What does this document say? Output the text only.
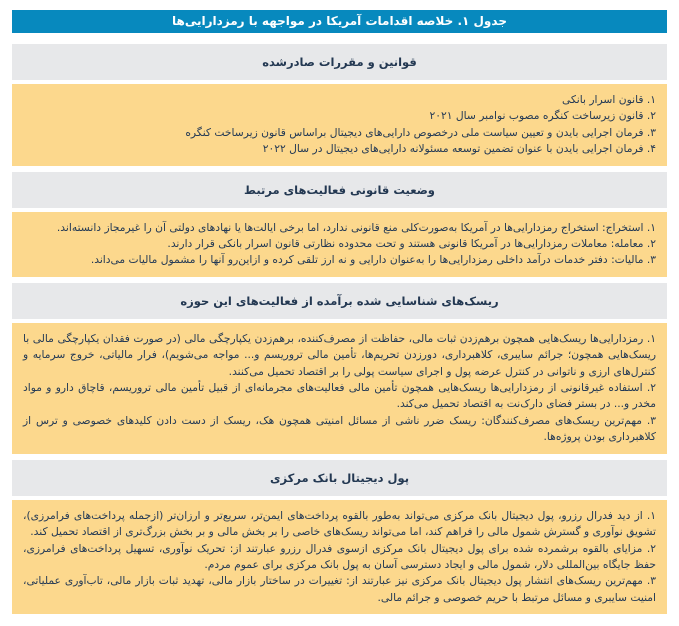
جدول ۱. خلاصه اقدامات آمریکا در مواجهه با رمزدارایی‌ها
قوانین و مقررات صادرشده

۱. قانون اسرار بانکی

۲. قانون زیرساخت کنگره مصوب نوامبر سال ۲۰۲۱

۳. فرمان اجرایی بایدن و تعیین سیاست ملی درخصوص دارایی‌های دیجیتال براساس قانون زیرساخت کنگره

۴. فرمان اجرایی بایدن با عنوان تضمین توسعه مسئولانه دارایی‌های دیجیتال در سال ۲۰۲۲

وضعیت قانونی فعالیت‌های مرتبط

۱. استخراج: استخراج رمزدارایی‌ها در آمریکا به‌صورت‌کلی منع قانونی ندارد، اما برخی ایالت‌ها یا نهادهای دولتی آن را غیرمجاز دانسته‌اند.

۲. معامله: معاملات رمزدارایی‌ها در آمریکا قانونی هستند و تحت محدوده نظارتی قانون اسرار بانکی قرار دارند.

۳. مالیات: دفتر خدمات درآمد داخلی رمزدارایی‌ها را به‌عنوان دارایی و نه ارز تلقی کرده و ازاین‌رو آنها را مشمول مالیات می‌داند.

ریسک‌های شناسایی شده برآمده از فعالیت‌های این حوزه

۱. رمزدارایی‌ها ریسک‌هایی همچون برهم‌زدن ثبات مالی، حفاظت از مصرف‌کننده، برهم‌زدن یکپارچگی مالی (در صورت فقدان یکپارچگی مالی با ریسک‌هایی همچون؛ جرائم سایبری، کلاهبرداری، دورزدن تحریم‌ها، تأمین مالی تروریسم و... مواجه می‌شویم)، فرار مالیاتی، خروج سرمایه و کنترل‌های ارزی و ناتوانی در کنترل عرضه پول و اجرای سیاست پولی را بر اقتصاد تحمیل می‌کنند.

۲. استفاده غیرقانونی از رمزدارایی‌ها ریسک‌هایی همچون تأمین مالی فعالیت‌های مجرمانه‌ای از قبیل تأمین مالی تروریسم، قاچاق دارو و مواد مخدر و... در بستر فضای دارک‌نت به اقتصاد تحمیل می‌کند.

۳. مهم‌ترین ریسک‌های مصرف‌کنندگان: ریسک ضرر ناشی از مسائل امنیتی همچون هک، ریسک از دست دادن کلیدهای خصوصی و ترس از کلاهبرداری بودن پروژه‌ها.

پول دیجیتال بانک مرکزی

۱. از دید فدرال رزرو، پول دیجیتال بانک مرکزی می‌تواند به‌طور بالقوه پرداخت‌های ایمن‌تر، سریع‌تر و ارزان‌تر (ازجمله پرداخت‌های فرامرزی)، تشویق نوآوری و گسترش شمول مالی را فراهم کند، اما می‌تواند ریسک‌های خاصی را بر بخش مالی و بر بخش بزرگ‌تری از اقتصاد تحمیل کند.

۲. مزایای بالقوه برشمرده شده برای پول دیجیتال بانک مرکزی ازسوی فدرال رزرو عبارتند از: تحریک نوآوری، تسهیل پرداخت‌های فرامرزی، حفظ جایگاه بین‌المللی دلار، شمول مالی و ایجاد دسترسی آسان به پول بانک مرکزی برای عموم مردم.

۳. مهم‌ترین ریسک‌های انتشار پول دیجیتال بانک مرکزی نیز عبارتند از: تغییرات در ساختار بازار مالی، تهدید ثبات بازار مالی، تاب‌آوری عملیاتی، امنیت سایبری و مسائل مرتبط با حریم خصوصی و جرائم مالی.
